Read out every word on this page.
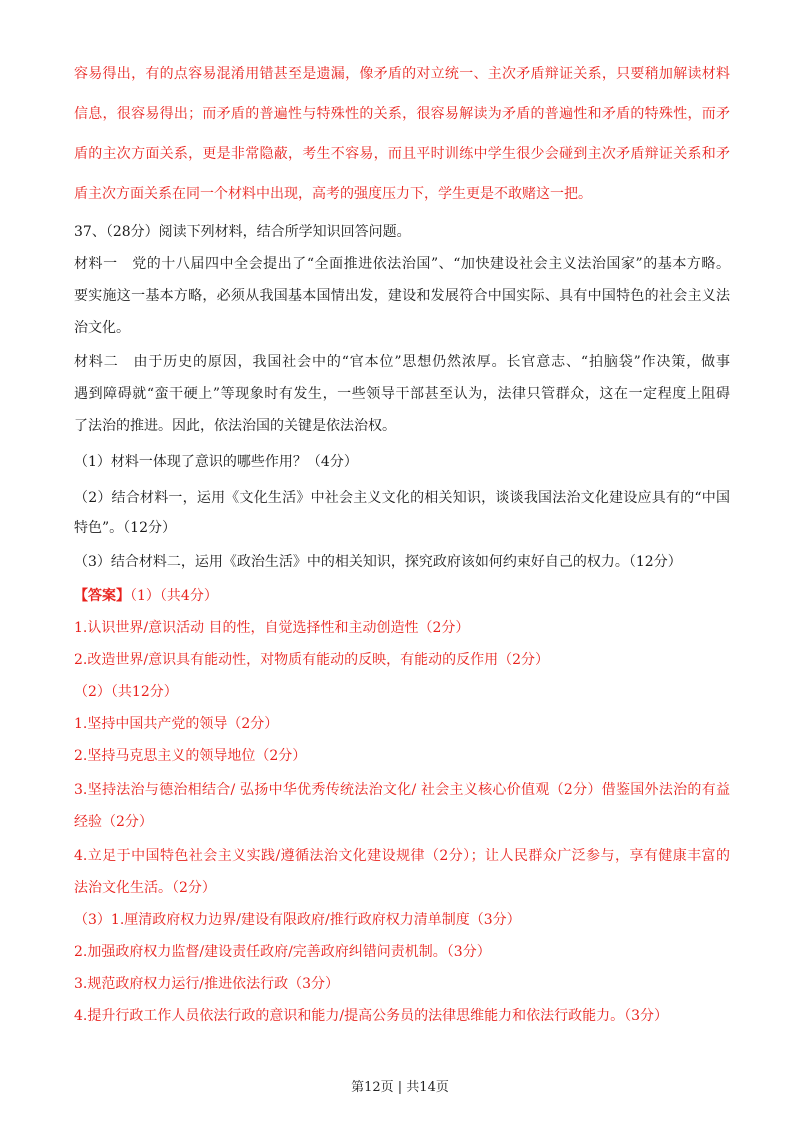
容易得出，有的点容易混淆用错甚至是遗漏，像矛盾的对立统一、主次矛盾辩证关系，只要稍加解读材料
信息，很容易得出；而矛盾的普遍性与特殊性的关系，很容易解读为矛盾的普遍性和矛盾的特殊性，而矛
盾的主次方面关系，更是非常隐蔽，考生不容易，而且平时训练中学生很少会碰到主次矛盾辩证关系和矛
盾主次方面关系在同一个材料中出现，高考的强度压力下，学生更是不敢赌这一把。
37、（28分）阅读下列材料，结合所学知识回答问题。
材料一　党的十八届四中全会提出了“全面推进依法治国”、“加快建设社会主义法治国家”的基本方略。
要实施这一基本方略，必须从我国基本国情出发，建设和发展符合中国实际、具有中国特色的社会主义法
治文化。
材料二　由于历史的原因，我国社会中的“官本位”思想仍然浓厚。长官意志、“拍脑袋”作决策，做事
遇到障碍就“蛮干硬上”等现象时有发生，一些领导干部甚至认为，法律只管群众，这在一定程度上阻碍
了法治的推进。因此，依法治国的关键是依法治权。
（1）材料一体现了意识的哪些作用？（4分）
（2）结合材料一，运用《文化生活》中社会主义文化的相关知识，谈谈我国法治文化建设应具有的“中国
特色”。（12分）
（3）结合材料二，运用《政治生活》中的相关知识，探究政府该如何约束好自己的权力。（12分）
【答案】（1）（共4分）
1.认识世界/意识活动 目的性，自觉选择性和主动创造性（2分）
2.改造世界/意识具有能动性，对物质有能动的反映，有能动的反作用（2分）
（2）（共12分）
1.坚持中国共产党的领导（2分）
2.坚持马克思主义的领导地位（2分）
3.坚持法治与德治相结合/ 弘扬中华优秀传统法治文化/ 社会主义核心价值观（2分）借鉴国外法治的有益
经验（2分）
4.立足于中国特色社会主义实践/遵循法治文化建设规律（2分）；让人民群众广泛参与，享有健康丰富的
法治文化生活。（2分）
（3）1.厘清政府权力边界/建设有限政府/推行政府权力清单制度（3分）
2.加强政府权力监督/建设责任政府/完善政府纠错问责机制。（3分）
3.规范政府权力运行/推进依法行政（3分）
4.提升行政工作人员依法行政的意识和能力/提高公务员的法律思维能力和依法行政能力。（3分）
第12页 | 共14页
